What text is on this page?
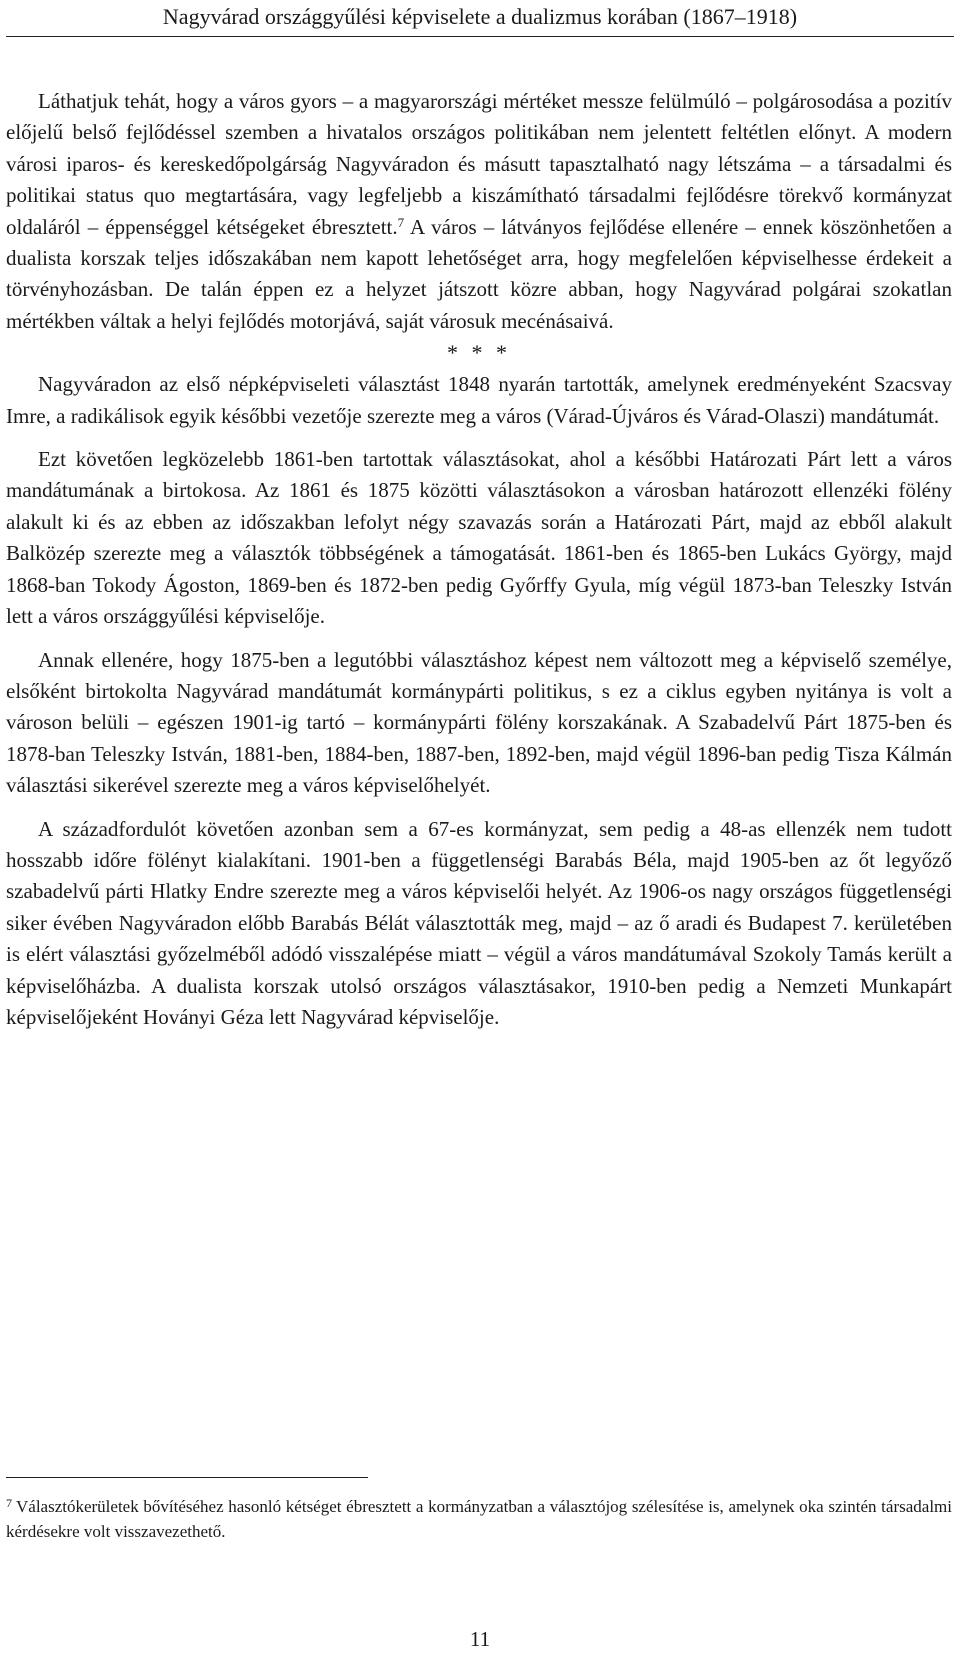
Nagyvárad országgyűlési képviselete a dualizmus korában (1867–1918)

Láthatjuk tehát, hogy a város gyors – a magyarországi mértéket messze felülmúló – polgárosodása a pozitív előjelű belső fejlődéssel szemben a hivatalos országos politikában nem jelentett feltétlen előnyt. A modern városi iparos- és kereskedőpolgárság Nagyváradon és másutt tapasztalható nagy létszáma – a társadalmi és politikai status quo megtartására, vagy legfeljebb a kiszámítható társadalmi fejlődésre törekvő kormányzat oldaláról – éppenséggel kétségeket ébresztett.$^7$ A város – látványos fejlődése ellenére – ennek köszönhetően a dualista korszak teljes időszakában nem kapott lehetőséget arra, hogy megfelelően képviselhesse érdekeit a törvényhozásban. De talán éppen ez a helyzet játszott közre abban, hogy Nagyvárad polgárai szokatlan mértékben váltak a helyi fejlődés motorjává, saját városuk mecénásaivá.

* * *

Nagyváradon az első népképviseleti választást 1848 nyarán tartották, amelynek eredményeként Szacsvay Imre, a radikálisok egyik későbbi vezetője szerezte meg a város (Várad-Újváros és Várad-Olaszi) mandátumát.

Ezt követően legközelebb 1861-ben tartottak választásokat, ahol a későbbi Határozati Párt lett a város mandátumának a birtokosa. Az 1861 és 1875 közötti választásokon a városban határozott ellenzéki fölény alakult ki és az ebben az időszakban lefolyt négy szavazás során a Határozati Párt, majd az ebből alakult Balközép szerezte meg a választók többségének a támogatását. 1861-ben és 1865-ben Lukács György, majd 1868-ban Tokody Ágoston, 1869-ben és 1872-ben pedig Győrffy Gyula, míg végül 1873-ban Teleszky István lett a város országgyűlési képviselője.

Annak ellenére, hogy 1875-ben a legutóbbi választáshoz képest nem változott meg a képviselő személye, elsőként birtokolta Nagyvárad mandátumát kormánypárti politikus, s ez a ciklus egyben nyitánya is volt a városon belüli – egészen 1901-ig tartó – kormánypárti fölény korszakának. A Szabadelvű Párt 1875-ben és 1878-ban Teleszky István, 1881-ben, 1884-ben, 1887-ben, 1892-ben, majd végül 1896-ban pedig Tisza Kálmán választási sikerével szerezte meg a város képviselőhelyét.

A századfordulót követően azonban sem a 67-es kormányzat, sem pedig a 48-as ellenzék nem tudott hosszabb időre fölényt kialakítani. 1901-ben a függetlenségi Barabás Béla, majd 1905-ben az őt legyőző szabadelvű párti Hlatky Endre szerezte meg a város képviselői helyét. Az 1906-os nagy országos függetlenségi siker évében Nagyváradon előbb Barabás Bélát választották meg, majd – az ő aradi és Budapest 7. kerületében is elért választási győzelméből adódó visszalépése miatt – végül a város mandátumával Szokoly Tamás került a képviselőházba. A dualista korszak utolsó országos választásakor, 1910-ben pedig a Nemzeti Munkapárt képviselőjeként Hoványi Géza lett Nagyvárad képviselője.

$^7$ Választókerületek bővítéséhez hasonló kétséget ébresztett a kormányzatban a választójog szélesítése is, amelynek oka szintén társadalmi kérdésekre volt visszavezethető.
11
